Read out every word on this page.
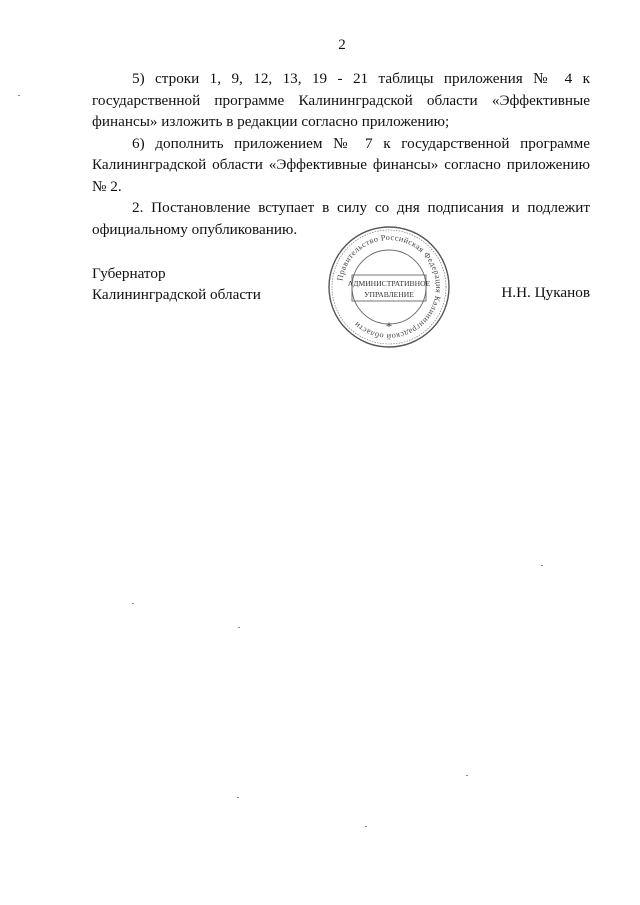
2

5) строки 1, 9, 12, 13, 19 - 21 таблицы приложения № 4 к государственной программе Калининградской области «Эффективные финансы» изложить в редакции согласно приложению;

6) дополнить приложением № 7 к государственной программе Калининградской области «Эффективные финансы» согласно приложению № 2.

2. Постановление вступает в силу со дня подписания и подлежит официальному опубликованию.

Губернатор
Калининградской области	Н.Н. Цуканов
Правительство Российская Федерация Калининградской области
АДМИНИСТРАТИВНОЕ
УПРАВЛЕНИЕ
*
